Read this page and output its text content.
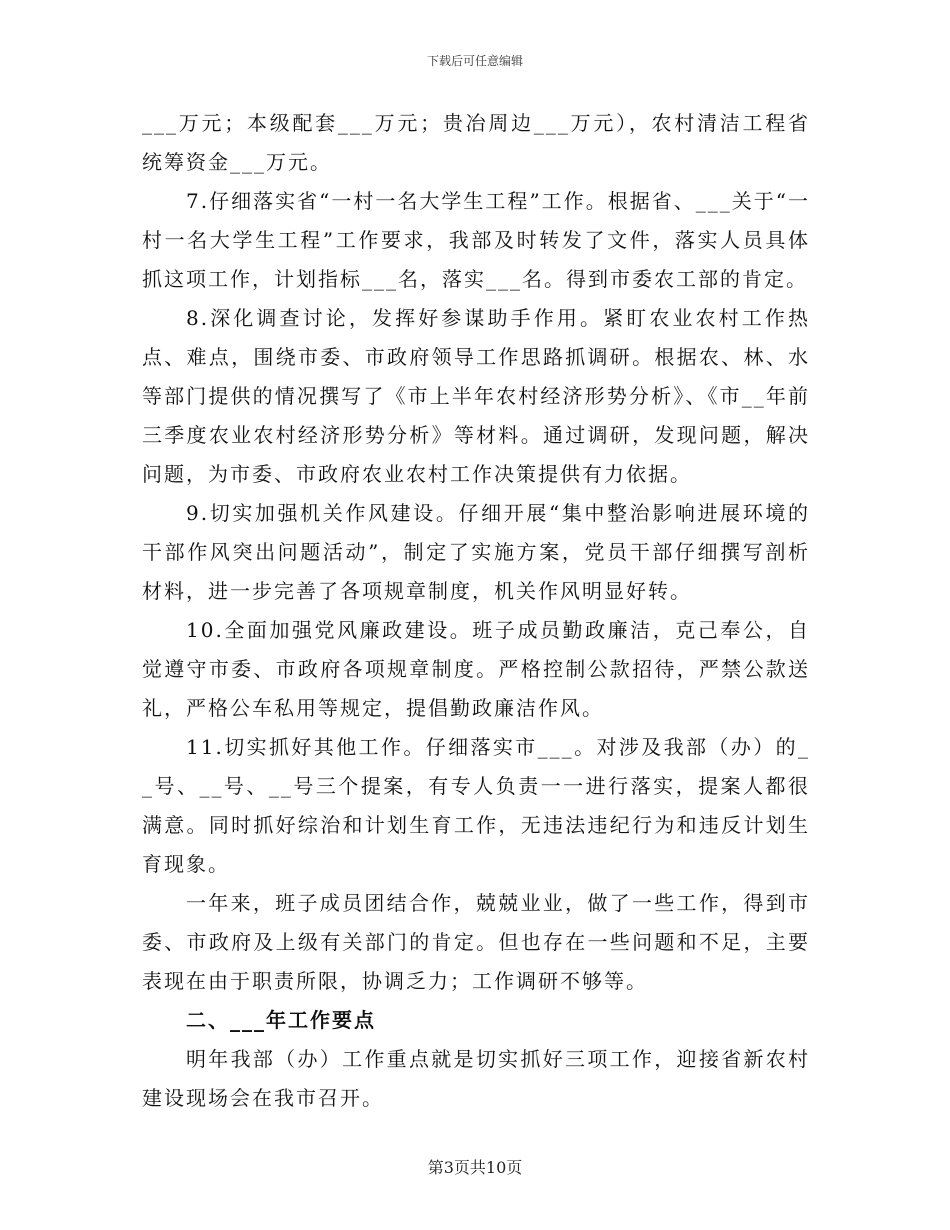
下载后可任意编辑

___万元；本级配套___万元；贵冶周边___万元），农村清洁工程省统筹资金___万元。

7.仔细落实省“一村一名大学生工程”工作。根据省、___关于“一村一名大学生工程”工作要求，我部及时转发了文件，落实人员具体抓这项工作，计划指标___名，落实___名。得到市委农工部的肯定。

8.深化调查讨论，发挥好参谋助手作用。紧盯农业农村工作热点、难点，围绕市委、市政府领导工作思路抓调研。根据农、林、水等部门提供的情况撰写了《市上半年农村经济形势分析》、《市__年前三季度农业农村经济形势分析》等材料。通过调研，发现问题，解决问题，为市委、市政府农业农村工作决策提供有力依据。

9.切实加强机关作风建设。仔细开展“集中整治影响进展环境的干部作风突出问题活动”，制定了实施方案，党员干部仔细撰写剖析材料，进一步完善了各项规章制度，机关作风明显好转。

10.全面加强党风廉政建设。班子成员勤政廉洁，克己奉公，自觉遵守市委、市政府各项规章制度。严格控制公款招待，严禁公款送礼，严格公车私用等规定，提倡勤政廉洁作风。

11.切实抓好其他工作。仔细落实市___。对涉及我部（办）的__号、__号、__号三个提案，有专人负责一一进行落实，提案人都很满意。同时抓好综治和计划生育工作，无违法违纪行为和违反计划生育现象。

一年来，班子成员团结合作，兢兢业业，做了一些工作，得到市委、市政府及上级有关部门的肯定。但也存在一些问题和不足，主要表现在由于职责所限，协调乏力；工作调研不够等。

二、___年工作要点

明年我部（办）工作重点就是切实抓好三项工作，迎接省新农村建设现场会在我市召开。

第3页共10页
